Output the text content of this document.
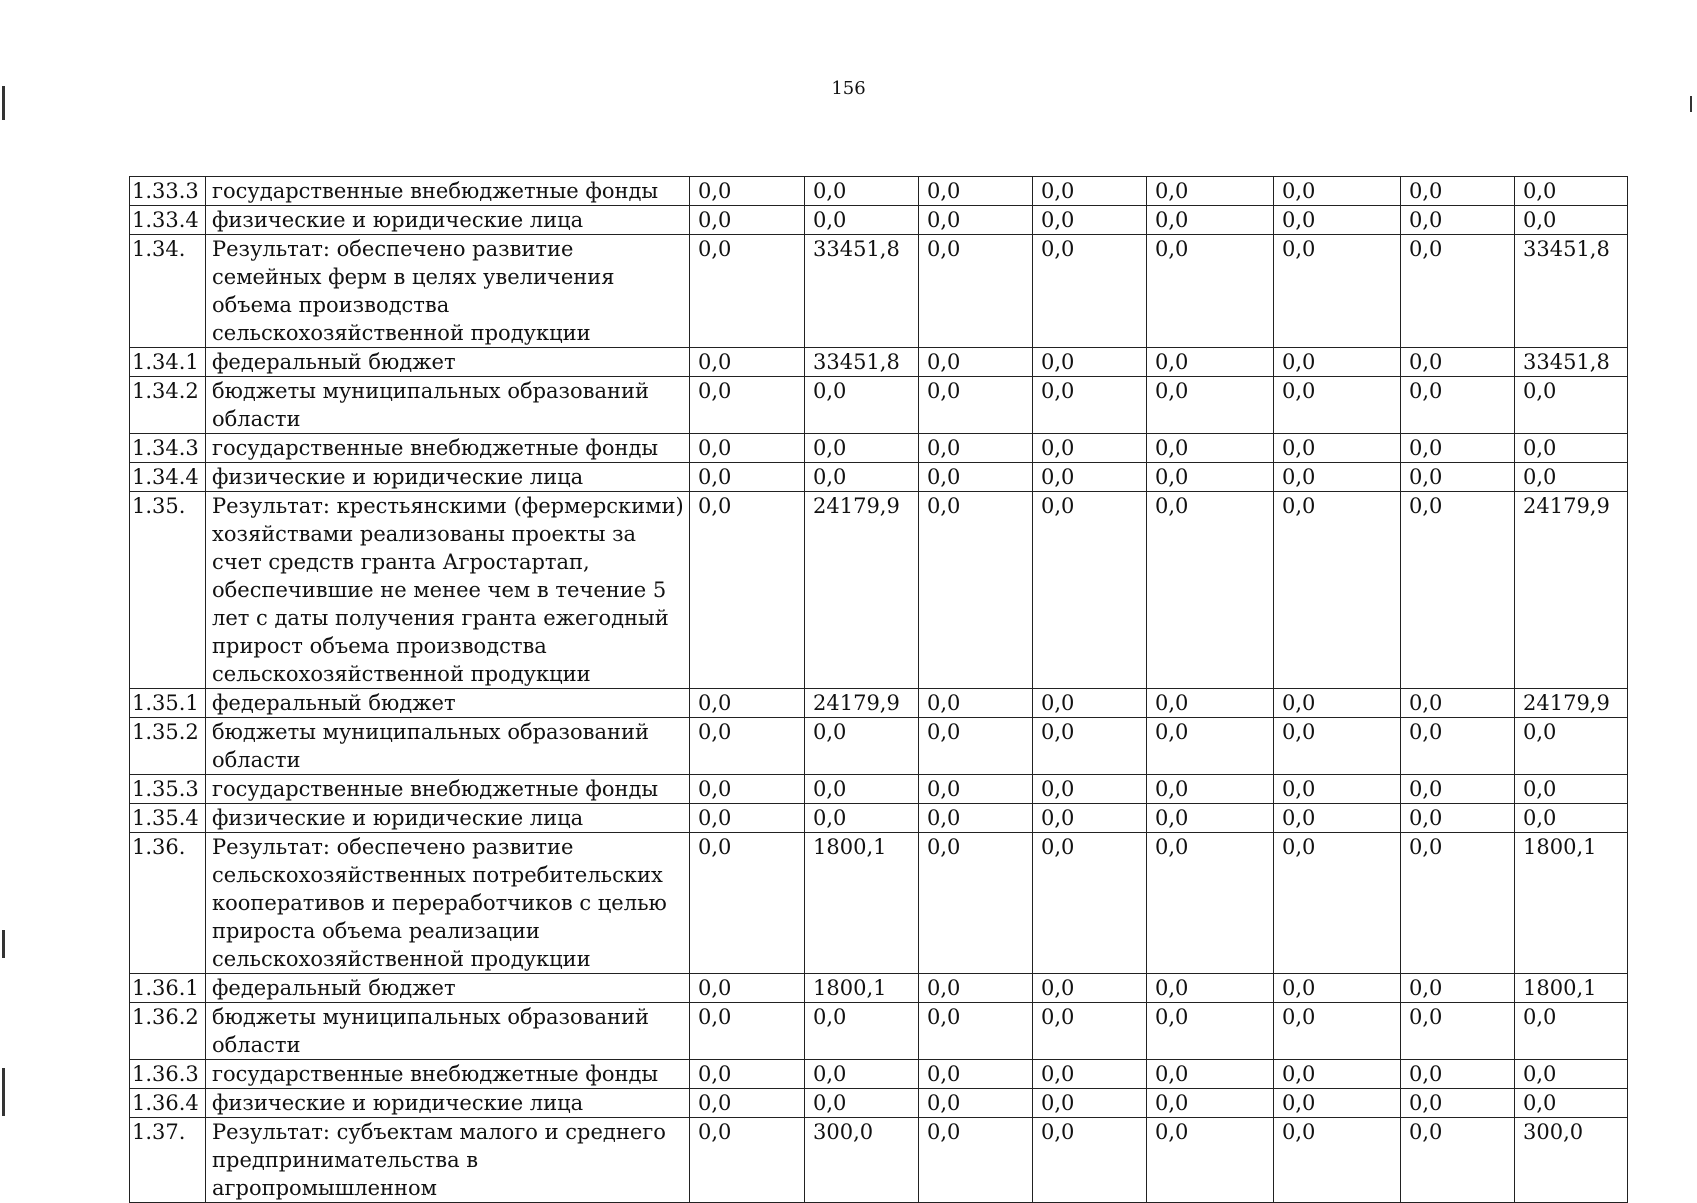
156
1.33.3	государственные внебюджетные фонды	0,0	0,0	0,0	0,0	0,0	0,0	0,0	0,0
1.33.4	физические и юридические лица	0,0	0,0	0,0	0,0	0,0	0,0	0,0	0,0
1.34.	Результат: обеспечено развитие семейных ферм в целях увеличения объема производства сельскохозяйственной продукции	0,0	33451,8	0,0	0,0	0,0	0,0	0,0	33451,8
1.34.1	федеральный бюджет	0,0	33451,8	0,0	0,0	0,0	0,0	0,0	33451,8
1.34.2	бюджеты муниципальных образований области	0,0	0,0	0,0	0,0	0,0	0,0	0,0	0,0
1.34.3	государственные внебюджетные фонды	0,0	0,0	0,0	0,0	0,0	0,0	0,0	0,0
1.34.4	физические и юридические лица	0,0	0,0	0,0	0,0	0,0	0,0	0,0	0,0
1.35.	Результат: крестьянскими (фермерскими) хозяйствами реализованы проекты за счет средств гранта Агростартап, обеспечившие не менее чем в течение 5 лет с даты получения гранта ежегодный прирост объема производства сельскохозяйственной продукции	0,0	24179,9	0,0	0,0	0,0	0,0	0,0	24179,9
1.35.1	федеральный бюджет	0,0	24179,9	0,0	0,0	0,0	0,0	0,0	24179,9
1.35.2	бюджеты муниципальных образований области	0,0	0,0	0,0	0,0	0,0	0,0	0,0	0,0
1.35.3	государственные внебюджетные фонды	0,0	0,0	0,0	0,0	0,0	0,0	0,0	0,0
1.35.4	физические и юридические лица	0,0	0,0	0,0	0,0	0,0	0,0	0,0	0,0
1.36.	Результат: обеспечено развитие сельскохозяйственных потребительских кооперативов и переработчиков с целью прироста объема реализации сельскохозяйственной продукции	0,0	1800,1	0,0	0,0	0,0	0,0	0,0	1800,1
1.36.1	федеральный бюджет	0,0	1800,1	0,0	0,0	0,0	0,0	0,0	1800,1
1.36.2	бюджеты муниципальных образований области	0,0	0,0	0,0	0,0	0,0	0,0	0,0	0,0
1.36.3	государственные внебюджетные фонды	0,0	0,0	0,0	0,0	0,0	0,0	0,0	0,0
1.36.4	физические и юридические лица	0,0	0,0	0,0	0,0	0,0	0,0	0,0	0,0
1.37.	Результат: субъектам малого и среднего предпринимательства в агропромышленном	0,0	300,0	0,0	0,0	0,0	0,0	0,0	300,0
